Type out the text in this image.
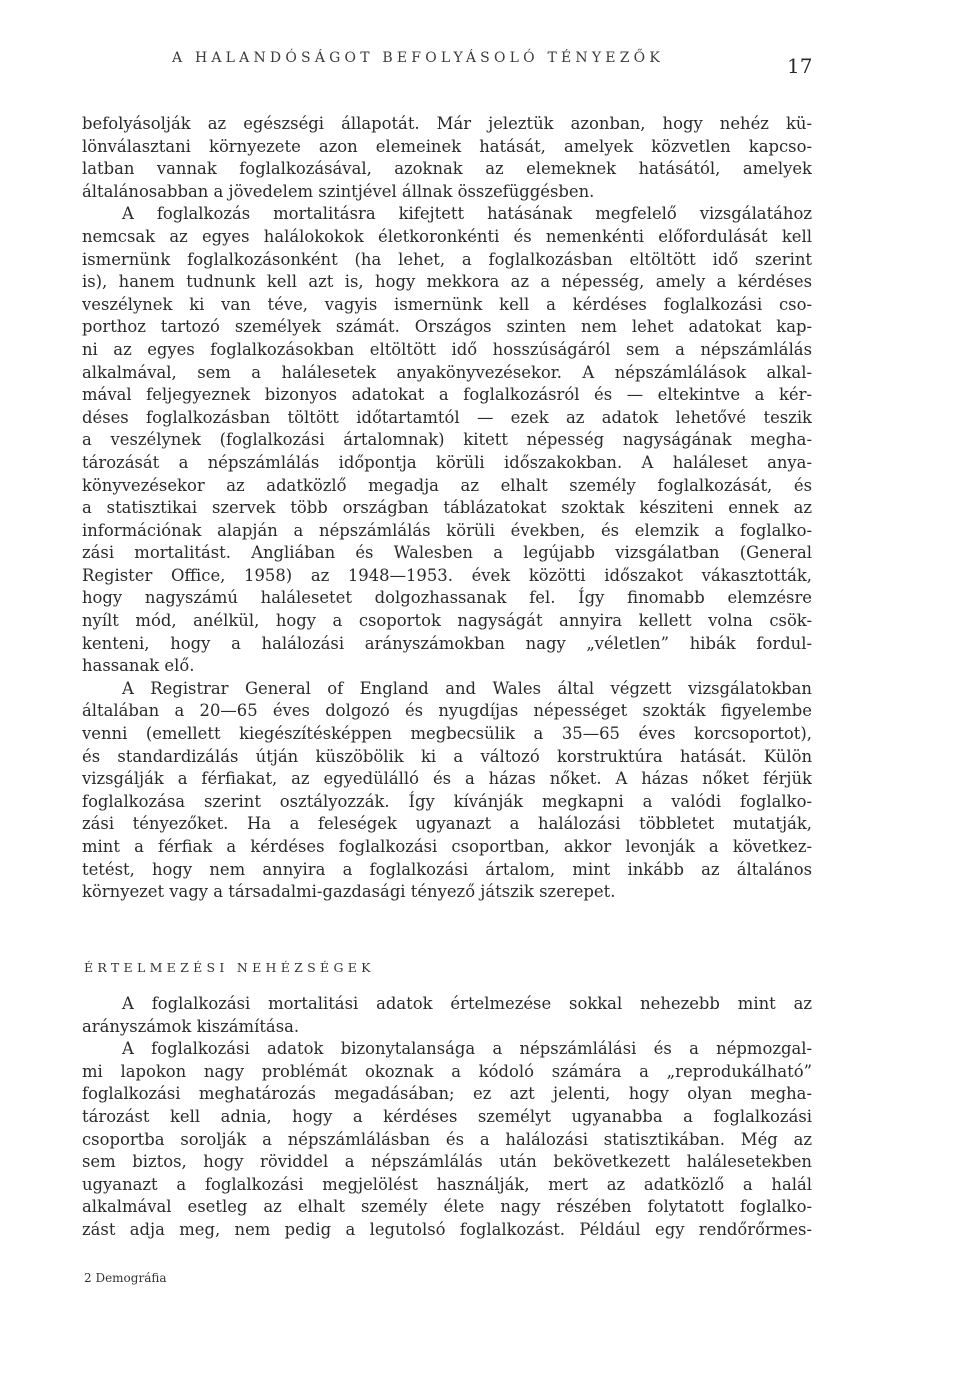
A HALANDÓSÁGOT BEFOLYÁSOLÓ TÉNYEZŐK	17
befolyásolják az egészségi állapotát. Már jeleztük azonban, hogy nehéz kü-
lönválasztani környezete azon elemeinek hatását, amelyek közvetlen kapcso-
latban vannak foglalkozásával, azoknak az elemeknek hatásától, amelyek
általánosabban a jövedelem szintjével állnak összefüggésben.
A foglalkozás mortalitásra kifejtett hatásának megfelelő vizsgálatához
nemcsak az egyes halálokokok életkoronkénti és nemenkénti előfordulását kell
ismernünk foglalkozásonként (ha lehet, a foglalkozásban eltöltött idő szerint
is), hanem tudnunk kell azt is, hogy mekkora az a népesség, amely a kérdéses
veszélynek ki van téve, vagyis ismernünk kell a kérdéses foglalkozási cso-
porthoz tartozó személyek számát. Országos szinten nem lehet adatokat kap-
ni az egyes foglalkozásokban eltöltött idő hosszúságáról sem a népszámlálás
alkalmával, sem a halálesetek anyakönyvezésekor. A népszámlálások alkal-
mával feljegyeznek bizonyos adatokat a foglalkozásról és — eltekintve a kér-
déses foglalkozásban töltött időtartamtól — ezek az adatok lehetővé teszik
a veszélynek (foglalkozási ártalomnak) kitett népesség nagyságának megha-
tározását a népszámlálás időpontja körüli időszakokban. A haláleset anya-
könyvezésekor az adatközlő megadja az elhalt személy foglalkozását, és
a statisztikai szervek több országban táblázatokat szoktak késziteni ennek az
információnak alapján a népszámlálás körüli években, és elemzik a foglalko-
zási mortalitást. Angliában és Walesben a legújabb vizsgálatban (General
Register Office, 1958) az 1948—1953. évek közötti időszakot vákasztották,
hogy nagyszámú halálesetet dolgozhassanak fel. Így finomabb elemzésre
nyílt mód, anélkül, hogy a csoportok nagyságát annyira kellett volna csök-
kenteni, hogy a halálozási arányszámokban nagy „véletlen” hibák fordul-
hassanak elő.
A Registrar General of England and Wales által végzett vizsgálatokban
általában a 20—65 éves dolgozó és nyugdíjas népességet szokták figyelembe
venni (emellett kiegészítésképpen megbecsülik a 35—65 éves korcsoportot),
és standardizálás útján küszöbölik ki a változó korstruktúra hatását. Külön
vizsgálják a férfiakat, az egyedülálló és a házas nőket. A házas nőket férjük
foglalkozása szerint osztályozzák. Így kívánják megkapni a valódi foglalko-
zási tényezőket. Ha a feleségek ugyanazt a halálozási többletet mutatják,
mint a férfiak a kérdéses foglalkozási csoportban, akkor levonják a következ-
tetést, hogy nem annyira a foglalkozási ártalom, mint inkább az általános
környezet vagy a társadalmi-gazdasági tényező játszik szerepet.
ÉRTELMEZÉSI NEHÉZSÉGEK
A foglalkozási mortalitási adatok értelmezése sokkal nehezebb mint az
arányszámok kiszámítása.
A foglalkozási adatok bizonytalansága a népszámlálási és a népmozgal-
mi lapokon nagy problémát okoznak a kódoló számára a „reprodukálható”
foglalkozási meghatározás megadásában; ez azt jelenti, hogy olyan megha-
tározást kell adnia, hogy a kérdéses személyt ugyanabba a foglalkozási
csoportba sorolják a népszámlálásban és a halálozási statisztikában. Még az
sem biztos, hogy röviddel a népszámlálás után bekövetkezett halálesetekben
ugyanazt a foglalkozási megjelölést használják, mert az adatközlő a halál
alkalmával esetleg az elhalt személy élete nagy részében folytatott foglalko-
zást adja meg, nem pedig a legutolsó foglalkozást. Például egy rendőrőrmes-
2 Demográfia
